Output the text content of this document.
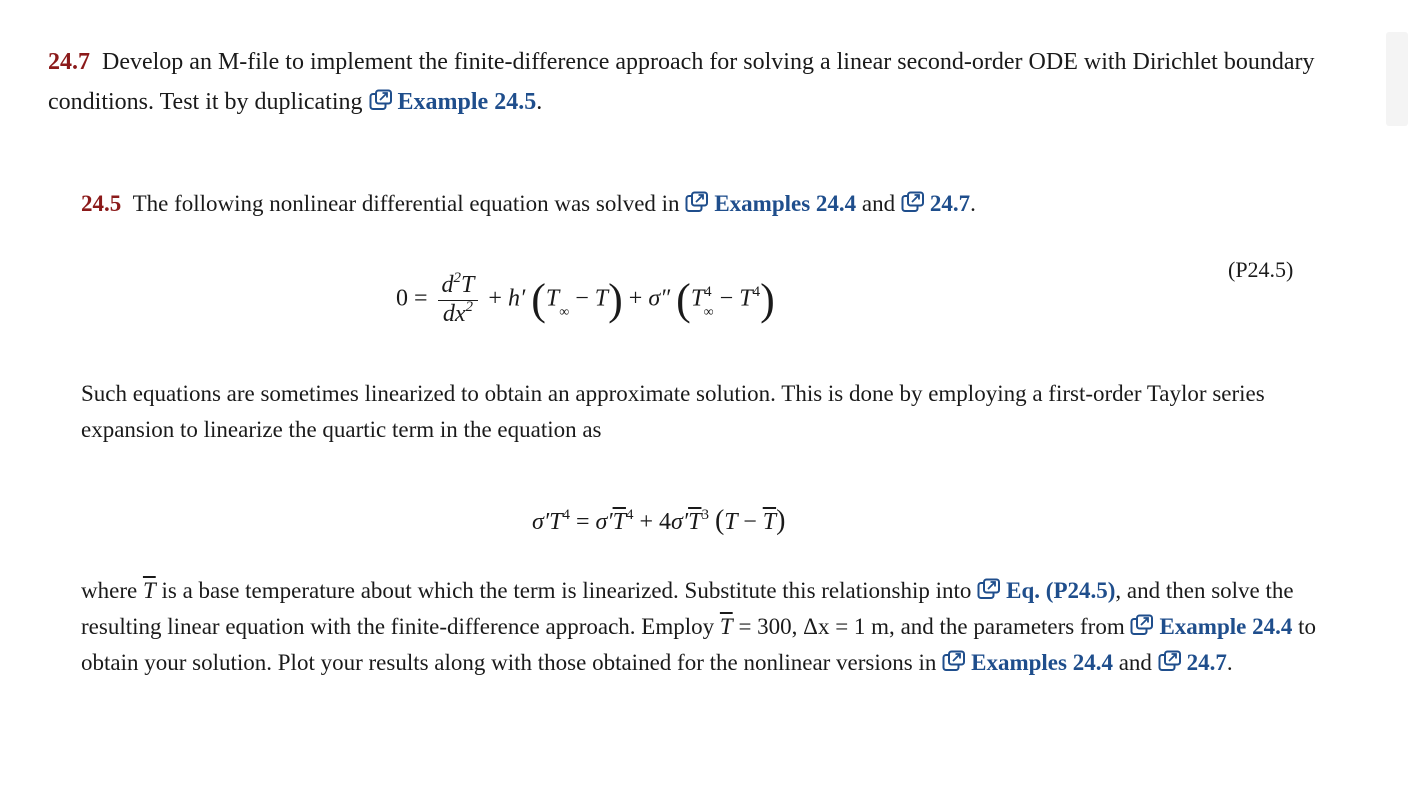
24.7 Develop an M-file to implement the finite-difference approach for solving a linear second-order ODE with Dirichlet boundary conditions. Test it by duplicating Example 24.5.
24.5 The following nonlinear differential equation was solved in Examples 24.4 and 24.7.
(P24.5)
$0 = \frac{d^2T}{dx^2} + h'$ $(T_\infty - T) + \sigma''$ $(T^4_\infty - T^4)$
Such equations are sometimes linearized to obtain an approximate solution. This is done by employing a first-order Taylor series expansion to linearize the quartic term in the equation as
$\sigma'T^4 = \sigma'\overline{T}^4 + 4\sigma'\overline{T}^3$ $(T - \overline{T})$
where $\overline{T}$ is a base temperature about which the term is linearized. Substitute this relationship into Eq. (P24.5), and then solve the resulting linear equation with the finite-difference approach. Employ $\overline{T} = 300$, Δx = 1 m, and the parameters from Example 24.4 to obtain your solution. Plot your results along with those obtained for the nonlinear versions in Examples 24.4 and 24.7.
